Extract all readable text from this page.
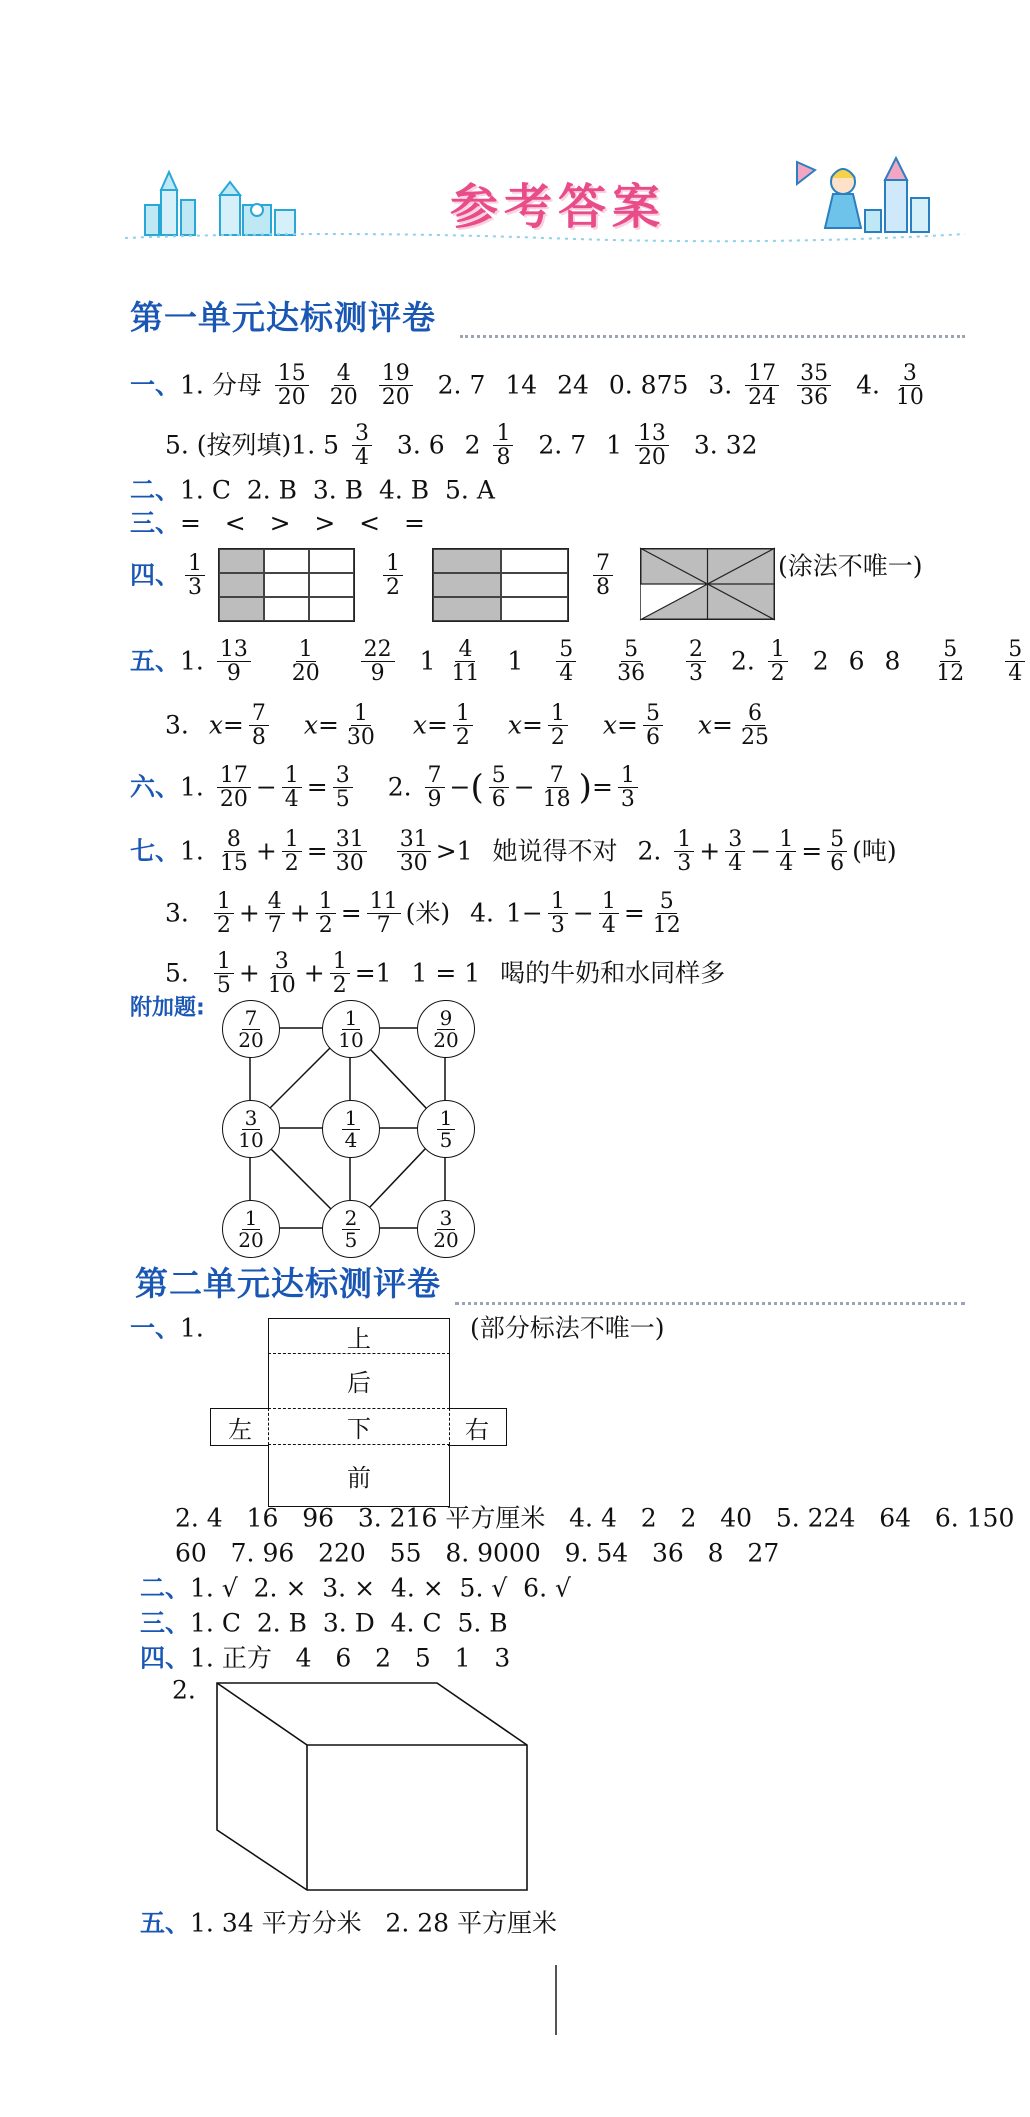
参考答案
第一单元达标测评卷
一、1. 分母 $\frac{15}{20}$
$\frac{4}{20}$
$\frac{19}{20} 2$. 7 14 24 0. 875 3. $\frac{17}{24}$
$\frac{35}{36} 4$. $\frac{3}{10}$
5. (按列填)1. $5 \frac{3}{4} 3$. 6 $2 \frac{1}{8} 2$. 7 $1 \frac{13}{20} 3$. 32
二、1. C  2. B  3. B  4. B  5. A
三、=   <   >   >   <   =
四、 $\frac{1}{3}$	$\frac{1}{2}$	$\frac{7}{8}$	(涂法不唯一)
五、1. $\frac{13}{9}$
$\frac{1}{20}$
$\frac{22}{9} 1 \frac{4}{11} 1 \frac{5}{4}$
$\frac{5}{36}$
$\frac{2}{3} 2$. $\frac{1}{2} 2$ 6 $8 \frac{5}{12}$
$\frac{5}{4}$
3. $x= \frac{7}{8} x= \frac{1}{30} x= \frac{1}{2} x= \frac{1}{2} x= \frac{5}{6} x= \frac{6}{25}$
六、1. $\frac{17}{20} - \frac{1}{4} = \frac{3}{5} 2$. $\frac{7}{9}$ −( $\frac{5}{6} - \frac{7}{18}$ )= $\frac{1}{3}$
七、1. $\frac{8}{15} + \frac{1}{2} = \frac{31}{30}$
$\frac{31}{30} >1$ 她说得不对 2. $\frac{1}{3} + \frac{3}{4} - \frac{1}{4} = \frac{5}{6}$ (吨)
3. $\frac{1}{2} + \frac{4}{7} + \frac{1}{2} = \frac{11}{7}$ (米) 4. $1- \frac{1}{3} - \frac{1}{4} = \frac{5}{12}$
5. $\frac{1}{5} + \frac{3}{10} + \frac{1}{2} =1$ 1 = 1 喝的牛奶和水同样多
附加题: $\frac{7}{20}$	$\frac{1}{10}$	$\frac{9}{20}$
$\frac{3}{10}$	$\frac{1}{4}$	$\frac{1}{5}$
$\frac{1}{20}$	$\frac{2}{5}$	$\frac{3}{20}$
第二单元达标测评卷
一、1.	上
后
左	下	右
前
(部分标法不唯一)
2. 4   16   96   3. 216 平方厘米   4. 4   2   2   40   5. 224   64   6. 150
60   7. 96   220   55   8. 9000   9. 54   36   8   27
二、1. √  2. ×  3. ×  4. ×  5. √  6. √
三、1. C  2. B  3. D  4. C  5. B
四、1. 正方   4   6   2   5   1   3
2.
五、1. 34 平方分米   2. 28 平方厘米
